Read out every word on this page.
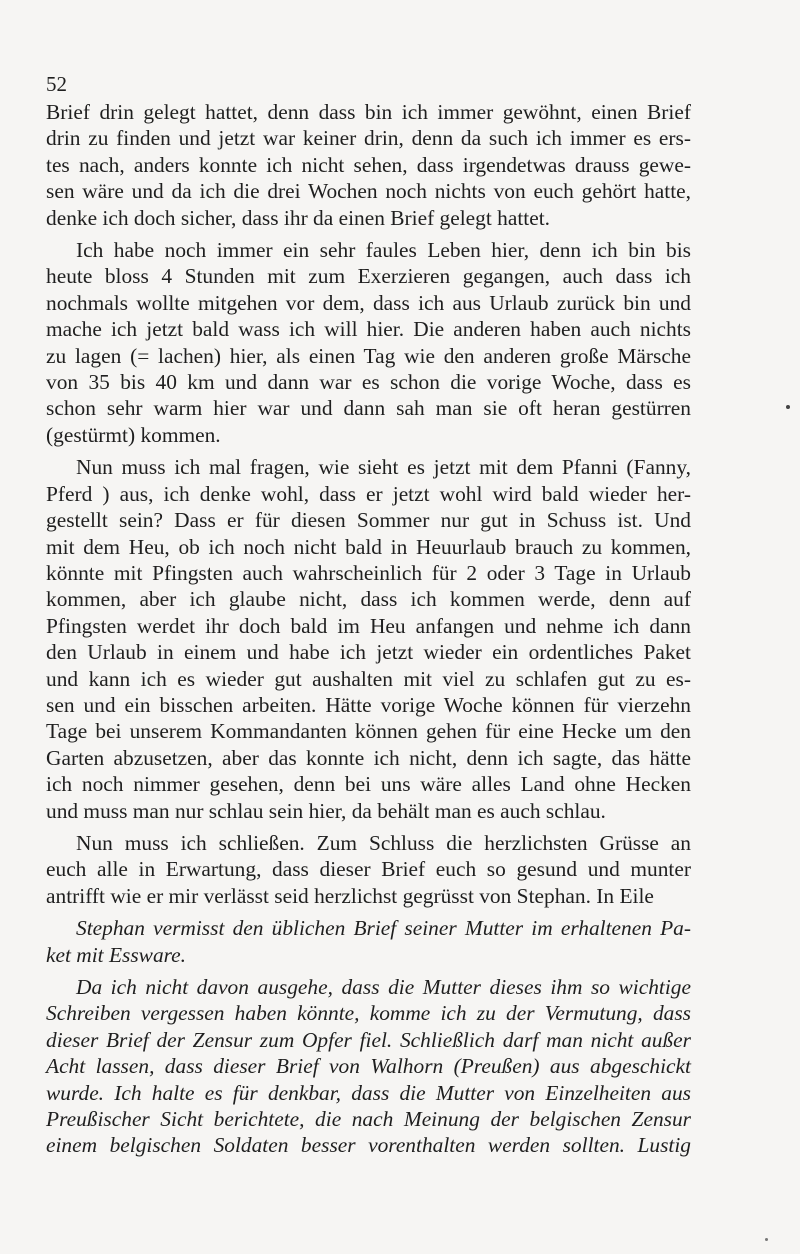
52

Brief drin gelegt hattet, denn dass bin ich immer gewöhnt, einen Brief
drin zu finden und jetzt war keiner drin, denn da such ich immer es ers-
tes nach, anders konnte ich nicht sehen, dass irgendetwas drauss gewe-
sen wäre und da ich die drei Wochen noch nichts von euch gehört hatte,
denke ich doch sicher, dass ihr da einen Brief gelegt hattet.

Ich habe noch immer ein sehr faules Leben hier, denn ich bin bis
heute bloss 4 Stunden mit zum Exerzieren gegangen, auch dass ich
nochmals wollte mitgehen vor dem, dass ich aus Urlaub zurück bin und
mache ich jetzt bald wass ich will hier. Die anderen haben auch nichts
zu lagen (= lachen) hier, als einen Tag wie den anderen große Märsche
von 35 bis 40 km und dann war es schon die vorige Woche, dass es
schon sehr warm hier war und dann sah man sie oft heran gestürren
(gestürmt) kommen.

Nun muss ich mal fragen, wie sieht es jetzt mit dem Pfanni (Fanny,
Pferd ) aus, ich denke wohl, dass er jetzt wohl wird bald wieder her-
gestellt sein? Dass er für diesen Sommer nur gut in Schuss ist. Und
mit dem Heu, ob ich noch nicht bald in Heuurlaub brauch zu kommen,
könnte mit Pfingsten auch wahrscheinlich für 2 oder 3 Tage in Urlaub
kommen, aber ich glaube nicht, dass ich kommen werde, denn auf
Pfingsten werdet ihr doch bald im Heu anfangen und nehme ich dann
den Urlaub in einem und habe ich jetzt wieder ein ordentliches Paket
und kann ich es wieder gut aushalten mit viel zu schlafen gut zu es-
sen und ein bisschen arbeiten. Hätte vorige Woche können für vierzehn
Tage bei unserem Kommandanten können gehen für eine Hecke um den
Garten abzusetzen, aber das konnte ich nicht, denn ich sagte, das hätte
ich noch nimmer gesehen, denn bei uns wäre alles Land ohne Hecken
und muss man nur schlau sein hier, da behält man es auch schlau.

Nun muss ich schließen. Zum Schluss die herzlichsten Grüsse an
euch alle in Erwartung, dass dieser Brief euch so gesund und munter
antrifft wie er mir verlässt seid herzlichst gegrüsst von Stephan. In Eile

Stephan vermisst den üblichen Brief seiner Mutter im erhaltenen Pa-
ket mit Essware.

Da ich nicht davon ausgehe, dass die Mutter dieses ihm so wichtige
Schreiben vergessen haben könnte, komme ich zu der Vermutung, dass
dieser Brief der Zensur zum Opfer fiel. Schließlich darf man nicht außer
Acht lassen, dass dieser Brief von Walhorn (Preußen) aus abgeschickt
wurde. Ich halte es für denkbar, dass die Mutter von Einzelheiten aus
Preußischer Sicht berichtete, die nach Meinung der belgischen Zensur
einem belgischen Soldaten besser vorenthalten werden sollten. Lustig
